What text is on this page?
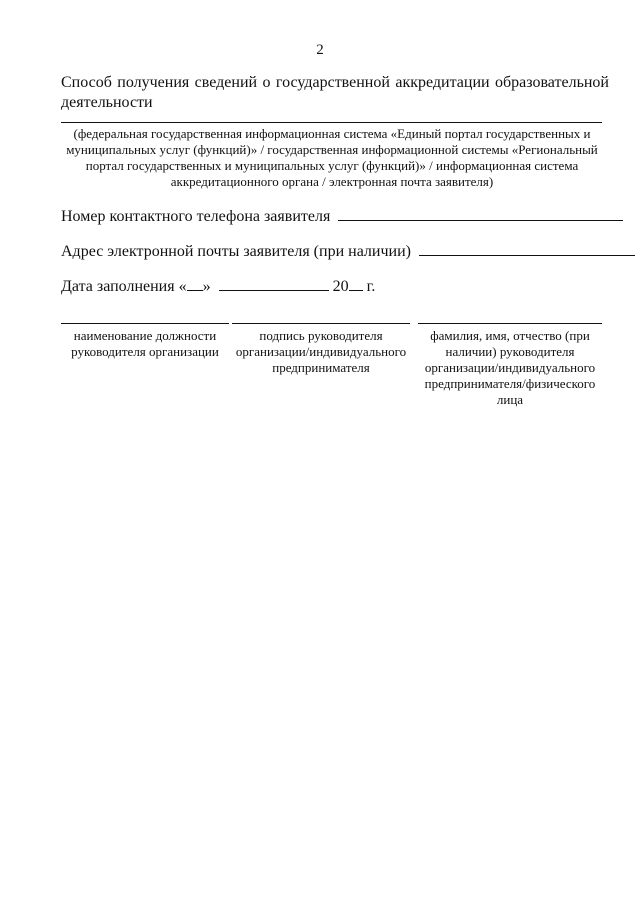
2
Способ получения сведений о государственной аккредитации образовательной деятельности
(федеральная государственная информационная система «Единый портал государственных и муниципальных услуг (функций)» / государственная информационной системы «Региональный портал государственных и муниципальных услуг (функций)» / информационная система аккредитационного органа / электронная почта заявителя)
Номер контактного телефона заявителя
Адрес электронной почты заявителя (при наличии)
Дата заполнения « »	20 г.
наименование должности руководителя организации
подпись руководителя организации/индивидуального предпринимателя
фамилия, имя, отчество (при наличии) руководителя организации/индивидуального предпринимателя/физического лица
